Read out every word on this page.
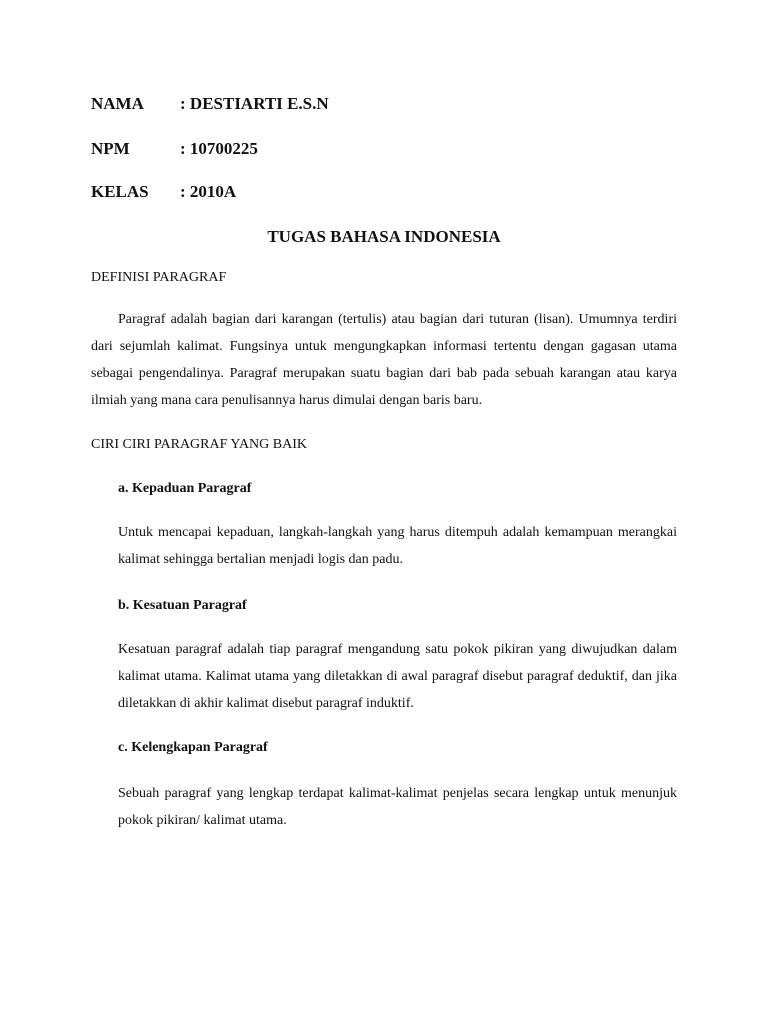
NAMA : DESTIARTI E.S.N
NPM	: 10700225
KELAS : 2010A
TUGAS BAHASA INDONESIA
DEFINISI PARAGRAF
Paragraf adalah bagian dari karangan (tertulis) atau bagian dari tuturan (lisan). Umumnya terdiri dari sejumlah kalimat. Fungsinya untuk mengungkapkan informasi tertentu dengan gagasan utama sebagai pengendalinya. Paragraf merupakan suatu bagian dari bab pada sebuah karangan atau karya ilmiah yang mana cara penulisannya harus dimulai dengan baris baru.
CIRI CIRI PARAGRAF YANG BAIK
a. Kepaduan Paragraf
Untuk mencapai kepaduan, langkah-langkah yang harus ditempuh adalah kemampuan merangkai kalimat sehingga bertalian menjadi logis dan padu.
b. Kesatuan Paragraf
Kesatuan paragraf adalah tiap paragraf mengandung satu pokok pikiran yang diwujudkan dalam kalimat utama. Kalimat utama yang diletakkan di awal paragraf disebut paragraf deduktif, dan jika diletakkan di akhir kalimat disebut paragraf induktif.
c. Kelengkapan Paragraf
Sebuah paragraf yang lengkap terdapat kalimat-kalimat penjelas secara lengkap untuk menunjuk pokok pikiran/ kalimat utama.
